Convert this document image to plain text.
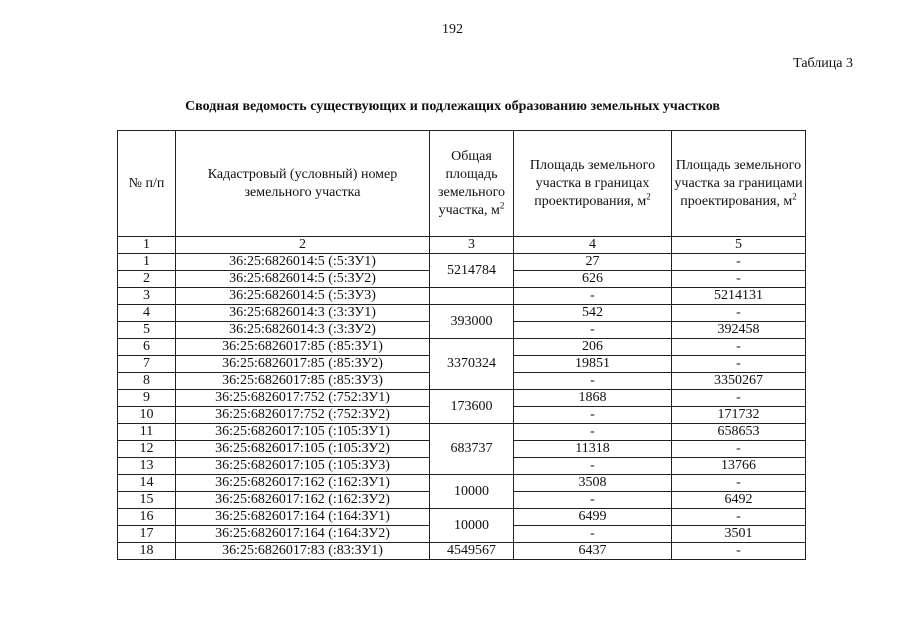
192
Таблица 3
Сводная ведомость существующих и подлежащих образованию земельных участков
№ п/п	Кадастровый (условный) номер земельного участка	Общая площадь земельного участка, $м^2$	Площадь земельного участка в границах проектирования, $м^2$	Площадь земельного участка за границами проектирования, $м^2$

1	2	3	4	5
1	36:25:6826014:5 (:5:ЗУ1)	5214784	27	-
2	36:25:6826014:5 (:5:ЗУ2)		626	-
3	36:25:6826014:5 (:5:ЗУ3)		-	5214131
4	36:25:6826014:3 (:3:ЗУ1)	393000	542	-
5	36:25:6826014:3 (:3:ЗУ2)		-	392458
6	36:25:6826017:85 (:85:ЗУ1)	3370324	206	-
7	36:25:6826017:85 (:85:ЗУ2)		19851	-
8	36:25:6826017:85 (:85:ЗУ3)		-	3350267
9	36:25:6826017:752 (:752:ЗУ1)	173600	1868	-
10	36:25:6826017:752 (:752:ЗУ2)		-	171732
11	36:25:6826017:105 (:105:ЗУ1)	683737	-	658653
12	36:25:6826017:105 (:105:ЗУ2)		11318	-
13	36:25:6826017:105 (:105:ЗУ3)		-	13766
14	36:25:6826017:162 (:162:ЗУ1)	10000	3508	-
15	36:25:6826017:162 (:162:ЗУ2)		-	6492
16	36:25:6826017:164 (:164:ЗУ1)	10000	6499	-
17	36:25:6826017:164 (:164:ЗУ2)		-	3501
18	36:25:6826017:83 (:83:ЗУ1)	4549567	6437	-
